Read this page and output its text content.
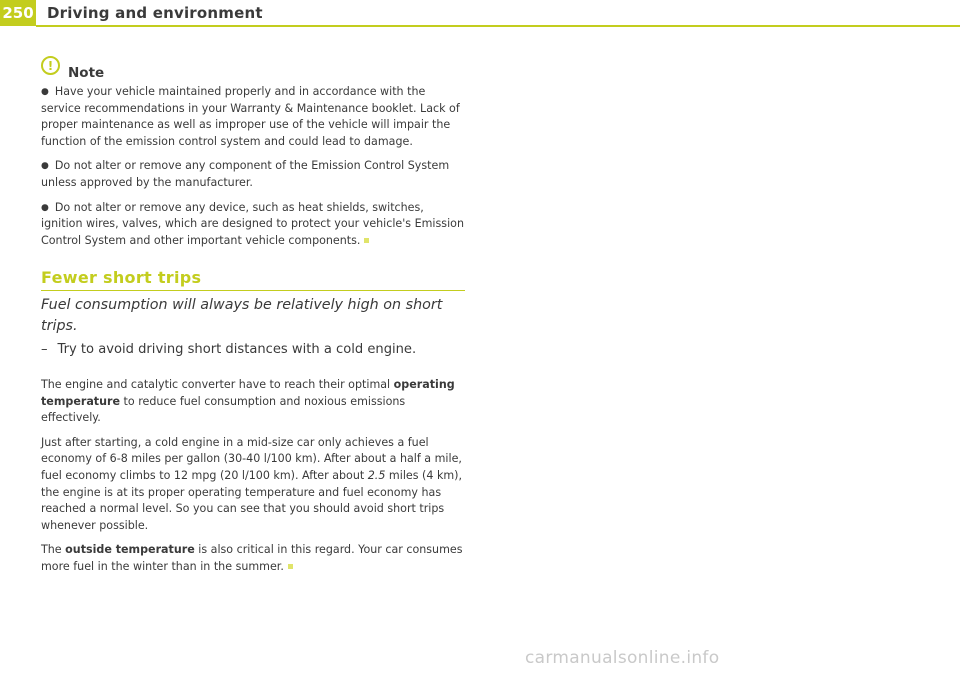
250 Driving and environment
!	Note

● Have your vehicle maintained properly and in accordance with the service recommendations in your Warranty & Maintenance booklet. Lack of proper maintenance as well as improper use of the vehicle will impair the function of the emission control system and could lead to damage.

● Do not alter or remove any component of the Emission Control System unless approved by the manufacturer.

● Do not alter or remove any device, such as heat shields, switches, ignition wires, valves, which are designed to protect your vehicle's Emission Control System and other important vehicle components.

Fewer short trips
Fuel consumption will always be relatively high on short trips.
– Try to avoid driving short distances with a cold engine.

The engine and catalytic converter have to reach their optimal operating temperature to reduce fuel consumption and noxious emissions effectively.

Just after starting, a cold engine in a mid-size car only achieves a fuel economy of 6-8 miles per gallon (30-40 l/100 km). After about a half a mile, fuel economy climbs to 12 mpg (20 l/100 km). After about 2.5 miles (4 km), the engine is at its proper operating temperature and fuel economy has reached a normal level. So you can see that you should avoid short trips whenever possible.

The outside temperature is also critical in this regard. Your car consumes more fuel in the winter than in the summer.

carmanualsonline.info
